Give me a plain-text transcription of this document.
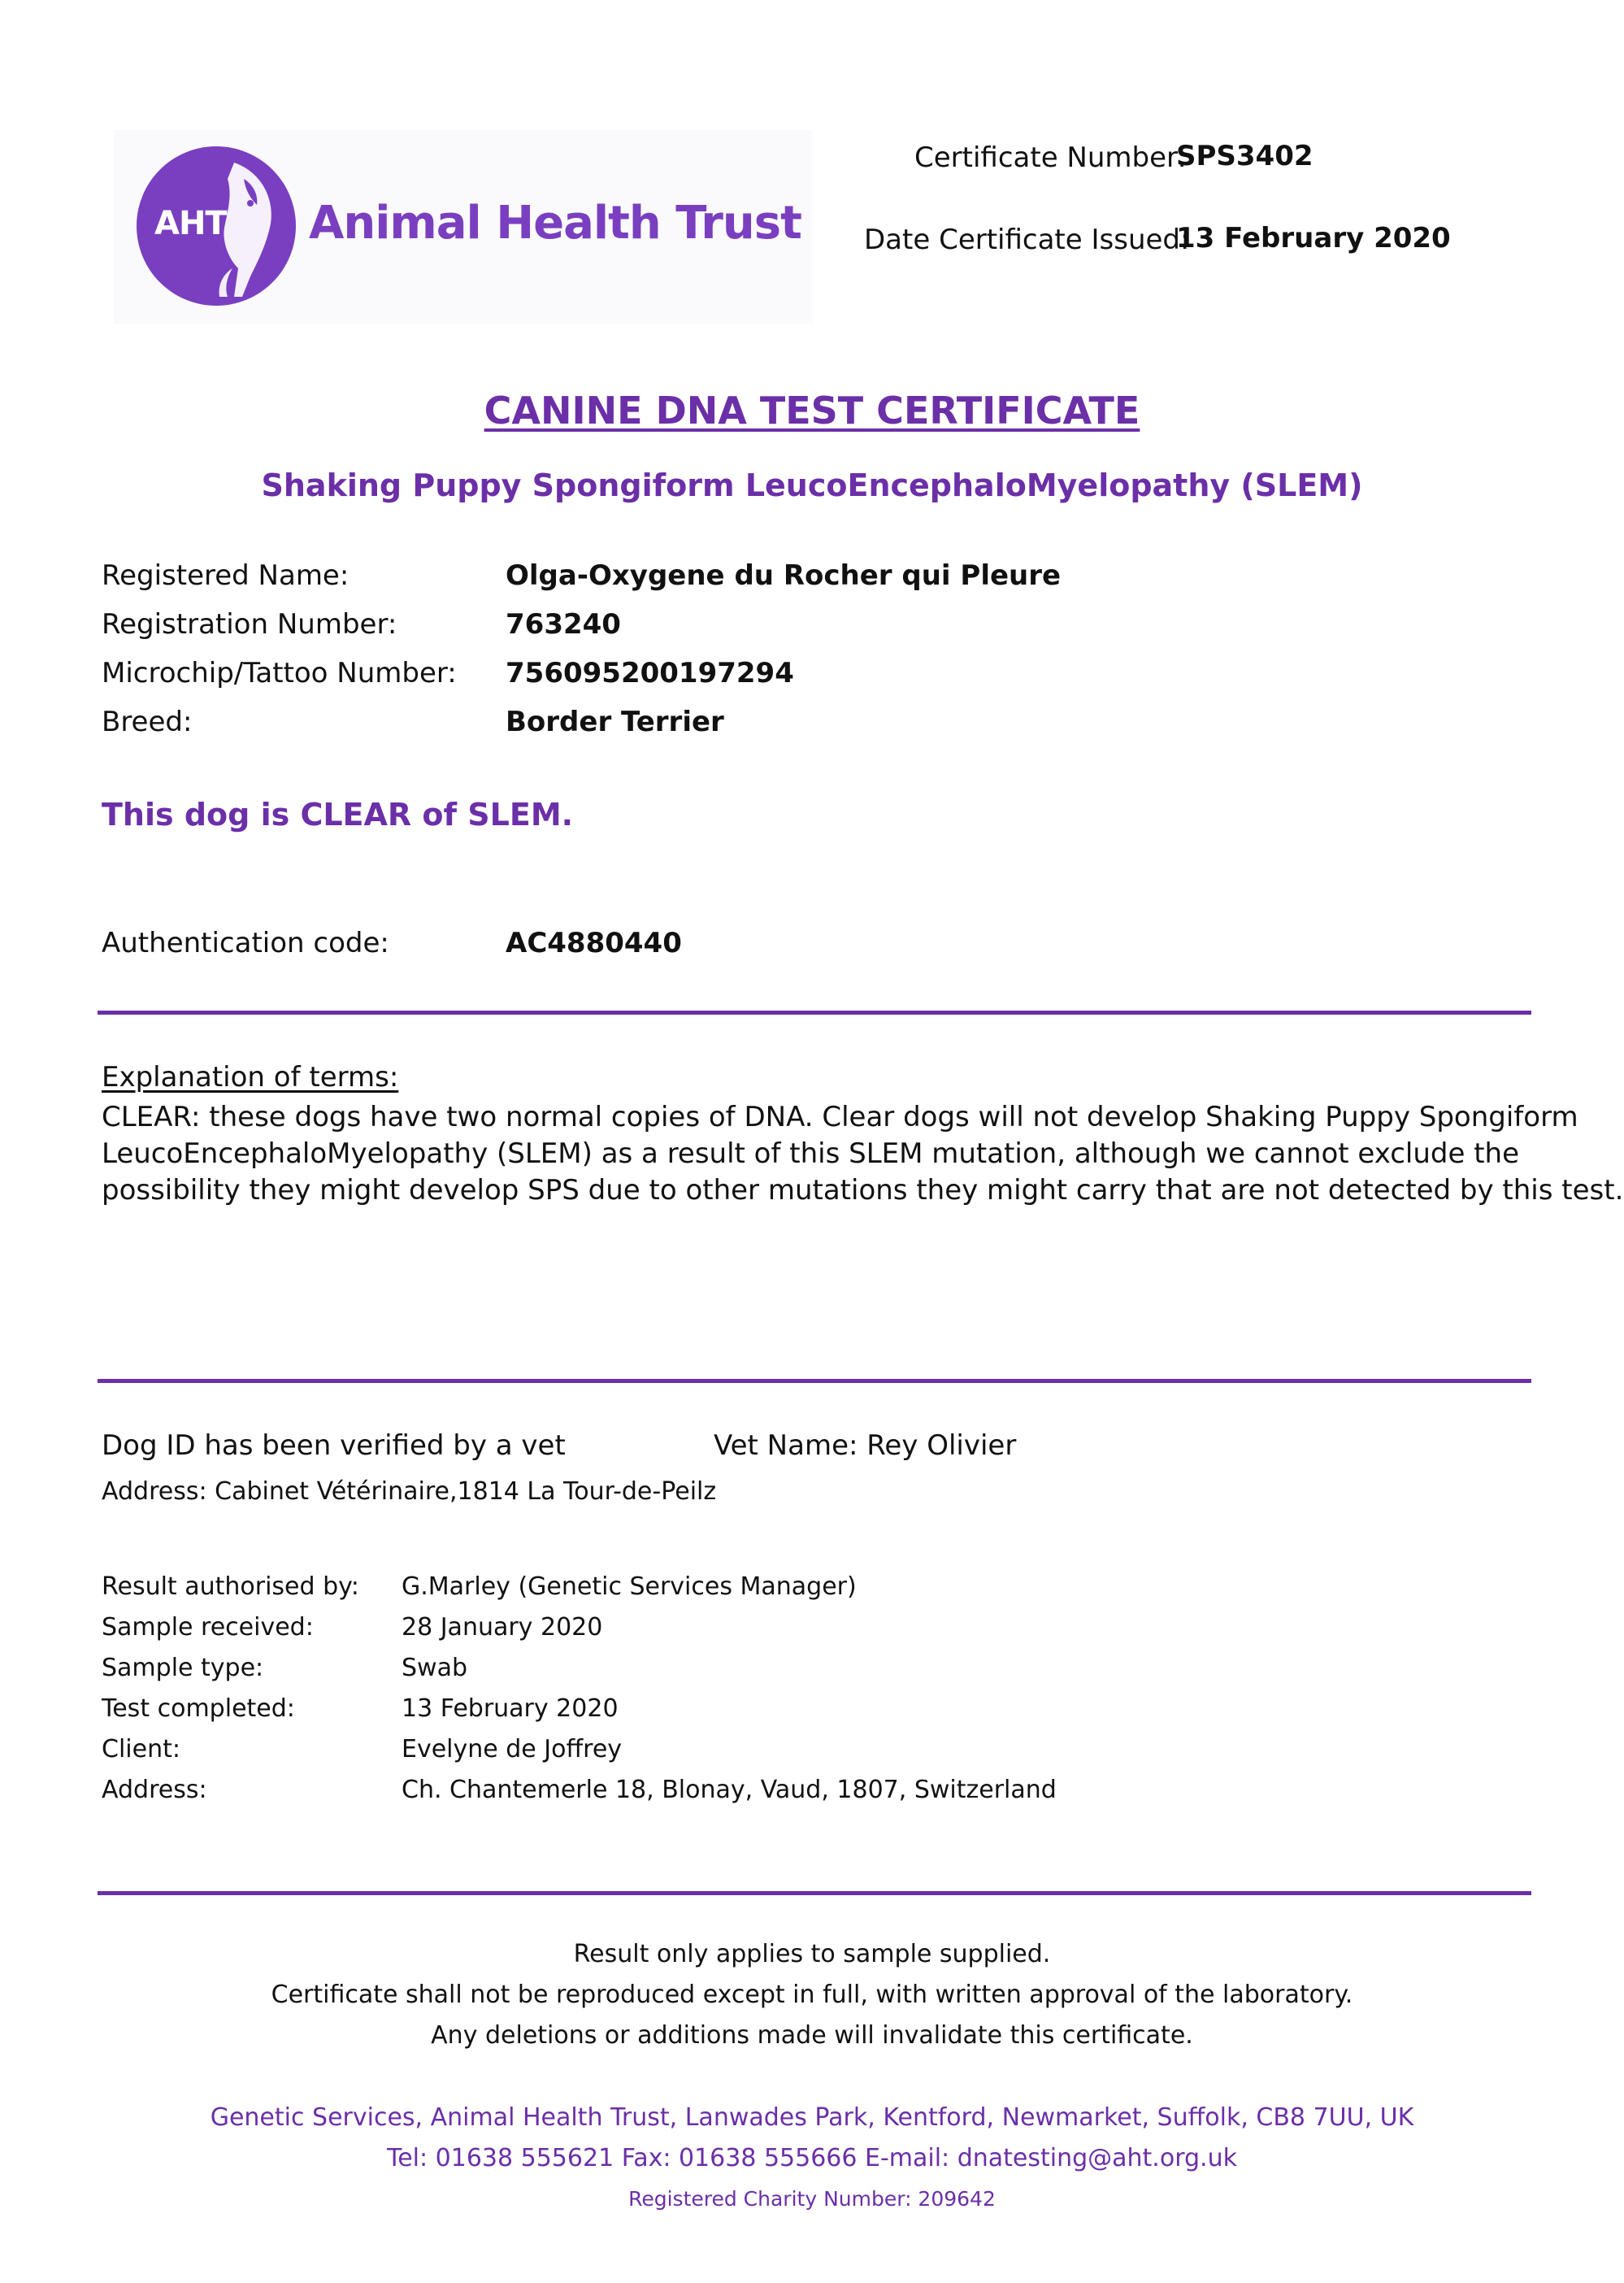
AHT Animal Health Trust
Certificate Number:
SPS3402
Date Certificate Issued:
13 February 2020
CANINE DNA TEST CERTIFICATE
Shaking Puppy Spongiform LeucoEncephaloMyelopathy (SLEM)
Registered Name:	Olga-Oxygene du Rocher qui Pleure
Registration Number:	763240
Microchip/Tattoo Number: 756095200197294
Breed:	Border Terrier
This dog is CLEAR of SLEM.
Authentication code:	AC4880440
Explanation of terms:
CLEAR: these dogs have two normal copies of DNA. Clear dogs will not develop Shaking Puppy Spongiform
LeucoEncephaloMyelopathy (SLEM) as a result of this SLEM mutation, although we cannot exclude the
possibility they might develop SPS due to other mutations they might carry that are not detected by this test.
Dog ID has been verified by a vet	Vet Name: Rey Olivier
Address: Cabinet Vétérinaire,1814 La Tour-de-Peilz
Result authorised by: G.Marley (Genetic Services Manager)
Sample received:	28 January 2020
Sample type:	Swab
Test completed:	13 February 2020
Client:	Evelyne de Joffrey
Address:	Ch. Chantemerle 18, Blonay, Vaud, 1807, Switzerland
Result only applies to sample supplied.
Certificate shall not be reproduced except in full, with written approval of the laboratory.
Any deletions or additions made will invalidate this certificate.
Genetic Services, Animal Health Trust, Lanwades Park, Kentford, Newmarket, Suffolk, CB8 7UU, UK
Tel: 01638 555621 Fax: 01638 555666 E-mail: dnatesting@aht.org.uk
Registered Charity Number: 209642
